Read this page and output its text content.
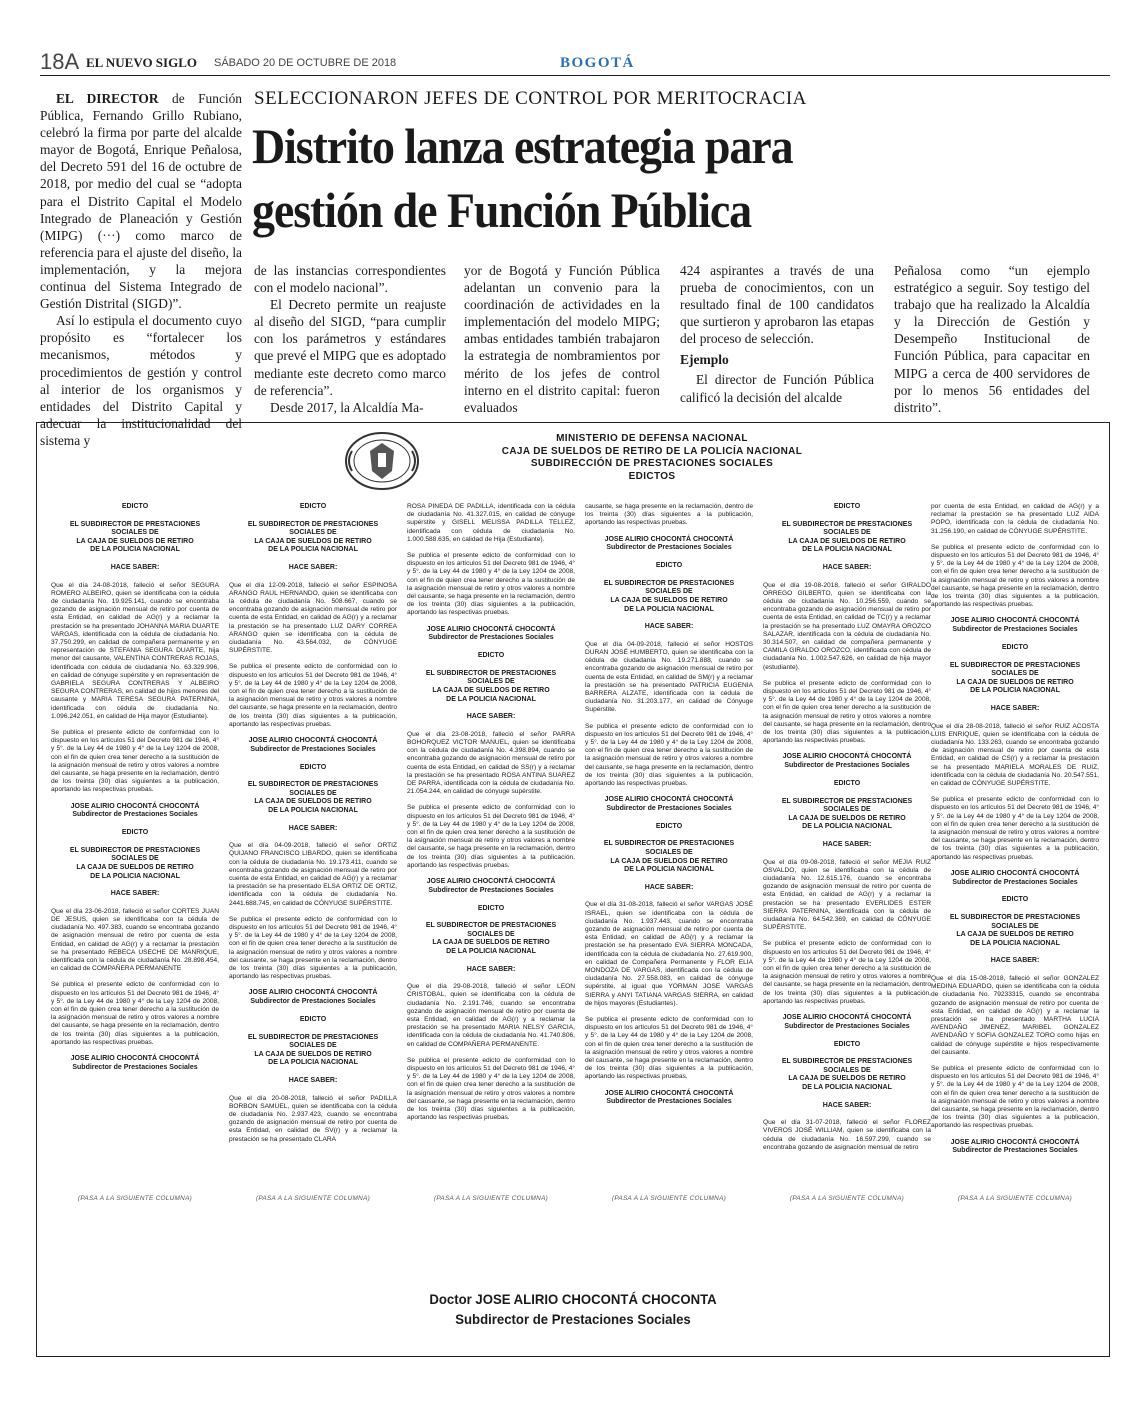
18A EL NUEVO SIGLO SÁBADO 20 DE OCTUBRE DE 2018	BOGOTÁ
SELECCIONARON JEFES DE CONTROL POR MERITOCRACIA
Distrito lanza estrategia para
gestión de Función Pública

EL DIRECTOR de Función Pública, Fernando Grillo Rubiano, celebró la firma por parte del alcalde mayor de Bogotá, Enrique Peñalosa, del Decreto 591 del 16 de octubre de 2018, por medio del cual se “adopta para el Distrito Capital el Modelo Integrado de Planeación y Gestión (MIPG) (···) como marco de referencia para el ajuste del diseño, la implementación, y la mejora continua del Sistema Integrado de Gestión Distrital (SIGD)”.

Así lo estipula el documento cuyo propósito es “fortalecer los mecanismos, métodos y procedimientos de gestión y control al interior de los organismos y entidades del Distrito Capital y adecuar la institucionalidad del sistema y

de las instancias correspondientes con el modelo nacional”.

El Decreto permite un reajuste al diseño del SIGD, “para cumplir con los parámetros y estándares que prevé el MIPG que es adoptado mediante este decreto como marco de referencia”.

Desde 2017, la Alcaldía Ma-

yor de Bogotá y Función Pública adelantan un convenio para la coordinación de actividades en la implementación del modelo MIPG; ambas entidades también trabajaron la estrategia de nombramientos por mérito de los jefes de control interno en el distrito capital: fueron evaluados

424 aspirantes a través de una prueba de conocimientos, con un resultado final de 100 candidatos que surtieron y aprobaron las etapas del proceso de selección.

Ejemplo

El director de Función Pública calificó la decisión del alcalde

Peñalosa como “un ejemplo estratégico a seguir. Soy testigo del trabajo que ha realizado la Alcaldía y la Dirección de Gestión y Desempeño Institucional de Función Pública, para capacitar en MIPG a cerca de 400 servidores de por lo menos 56 entidades del distrito”.

MINISTERIO DE DEFENSA NACIONAL
CAJA DE SUELDOS DE RETIRO DE LA POLICÍA NACIONAL
SUBDIRECCIÓN DE PRESTACIONES SOCIALES
EDICTOS
EDICTO
EL SUBDIRECTOR DE PRESTACIONES
SOCIALES DE
LA CAJA DE SUELDOS DE RETIRO
DE LA POLICIA NACIONAL
HACE SABER:

Que el día 24-08-2018, falleció el señor SEGURA ROMERO ALBEIRO, quien se identificaba con la cédula de ciudadanía No. 19.925.141, cuando se encontraba gozando de asignación mensual de retiro por cuenta de esta Entidad, en calidad de AG(r) y a reclamar la prestación se ha presentado JOHANNA MARIA DUARTE VARGAS, identificada con la cédula de ciudadanía No. 37.750.299, en calidad de compañera permanente y en representación de STEFANIA SEGURA DUARTE, hija menor del causante, VALENTINA CONTRERAS ROJAS, identificada con cédula de ciudadanía No. 63.329.996, en calidad de cónyuge supérstite y en representación de GABRIELA SEGURA CONTRERAS Y ALBEIRO SEGURA CONTRERAS, en calidad de hijos menores del causante y MARIA TERESA SEGURA PATERNINA, identificada con cédula de ciudadanía No. 1.096.242.051, en calidad de Hija mayor (Estudiante).

Se publica el presente edicto de conformidad con lo dispuesto en los artículos 51 del Decreto 981 de 1946, 4° y 5°. de la Ley 44 de 1980 y 4° de la Ley 1204 de 2008, con el fin de quien crea tener derecho a la sustitución de la asignación mensual de retiro y otros valores a nombre del causante, se haga presente en la reclamación, dentro de los treinta (30) días siguientes a la publicación, aportando las respectivas pruebas.

JOSE ALIRIO CHOCONTÁ CHOCONTÁ
Subdirector de Prestaciones Sociales
EDICTO
EL SUBDIRECTOR DE PRESTACIONES
SOCIALES DE
LA CAJA DE SUELDOS DE RETIRO
DE LA POLICIA NACIONAL
HACE SABER:

Que el día 23-06-2018, falleció el señor CORTES JUAN DE JESUS, quien se identificaba con la cédula de ciudadanía No. 497.383, cuando se encontraba gozando de asignación mensual de retiro por cuenta de esta Entidad, en calidad de AG(r) y a reclamar la prestación se ha presentado REBECA USECHE DE MANRIQUE, identificada con la cédula de ciudadanía No. 28.898.454, en calidad de COMPAÑERA PERMANENTE

Se publica el presente edicto de conformidad con lo dispuesto en los artículos 51 del Decreto 981 de 1946, 4° y 5°. de la Ley 44 de 1980 y 4° de la Ley 1204 de 2008, con el fin de quien crea tener derecho a la sustitución de la asignación mensual de retiro y otros valores a nombre del causante, se haga presente en la reclamación, dentro de los treinta (30) días siguientes a la publicación, aportando las respectivas pruebas.

JOSE ALIRIO CHOCONTÁ CHOCONTÁ
Subdirector de Prestaciones Sociales
EDICTO
EL SUBDIRECTOR DE PRESTACIONES
SOCIALES DE
LA CAJA DE SUELDOS DE RETIRO
DE LA POLICIA NACIONAL
HACE SABER:

Que el día 12-09-2018, falleció el señor ESPINOSA ARANGO RAUL HERNANDO, quien se identificaba con la cédula de ciudadanía No. 508.667, cuando se encontraba gozando de asignación mensual de retiro por cuenta de esta Entidad, en calidad de AG(r) y a reclamar la prestación se ha presentado LUZ DARY CORREA ARANGO quien se identificaba con la cédula de ciudadanía No. 43.564.032, de CÓNYUGE SUPÉRSTITE.

Se publica el presente edicto de conformidad con lo dispuesto en los artículos 51 del Decreto 981 de 1946, 4° y 5°. de la Ley 44 de 1980 y 4° de la Ley 1204 de 2008, con el fin de quien crea tener derecho a la sustitución de la asignación mensual de retiro y otros valores a nombre del causante, se haga presente en la reclamación, dentro de los treinta (30) días siguientes a la publicación, aportando las respectivas pruebas.

JOSE ALIRIO CHOCONTÁ CHOCONTÁ
Subdirector de Prestaciones Sociales
EDICTO
EL SUBDIRECTOR DE PRESTACIONES
SOCIALES DE
LA CAJA DE SUELDOS DE RETIRO
DE LA POLICIA NACIONAL
HACE SABER:

Que el día 04-09-2018, falleció el señor ORTIZ QUIJANO FRANCISCO LIBARDO, quien se identificaba con la cédula de ciudadanía No. 19.173.411, cuando se encontraba gozando de asignación mensual de retiro por cuenta de esta Entidad, en calidad de AG(r) y a reclamar la prestación se ha presentado ELSA ORTIZ DE ORTIZ, identificada con la cédula de ciudadanía No. 2441.688.745, en calidad de CÓNYUGE SUPÉRSTITE.

Se publica el presente edicto de conformidad con lo dispuesto en los artículos 51 del Decreto 981 de 1946, 4° y 5°. de la Ley 44 de 1980 y 4° de la Ley 1204 de 2008, con el fin de quien crea tener derecho a la sustitución de la asignación mensual de retiro y otros valores a nombre del causante, se haga presente en la reclamación, dentro de los treinta (30) días siguientes a la publicación, aportando las respectivas pruebas.

JOSE ALIRIO CHOCONTÁ CHOCONTÁ
Subdirector de Prestaciones Sociales
EDICTO
EL SUBDIRECTOR DE PRESTACIONES
SOCIALES DE
LA CAJA DE SUELDOS DE RETIRO
DE LA POLICIA NACIONAL
HACE SABER:

Que el día 20-08-2018, falleció el señor PADILLA BORBON SAMUEL, quien se identificaba con la cédula de ciudadanía No. 2.937.423, cuando se encontraba gozando de asignación mensual de retiro por cuenta de esta Entidad, en calidad de SV(r) y a reclamar la prestación se ha presentado CLARA

ROSA PINEDA DE PADILLA, identificada con la cédula de ciudadanía No. 41.327.015, en calidad de cónyuge supérstite y GISELL MELISSA PADILLA TELLEZ, identificada con cédula de ciudadanía No. 1.000.588.635, en calidad de Hija (Estudiante).

Se publica el presente edicto de conformidad con lo dispuesto en los artículos 51 del Decreto 981 de 1946, 4° y 5°. de la Ley 44 de 1980 y 4° de la Ley 1204 de 2008, con el fin de quien crea tener derecho a la sustitución de la asignación mensual de retiro y otros valores a nombre del causante, se haga presente en la reclamación, dentro de los treinta (30) días siguientes a la publicación, aportando las respectivas pruebas.

JOSE ALIRIO CHOCONTÁ CHOCONTÁ
Subdirector de Prestaciones Sociales
EDICTO
EL SUBDIRECTOR DE PRESTACIONES
SOCIALES DE
LA CAJA DE SUELDOS DE RETIRO
DE LA POLICIA NACIONAL
HACE SABER:

Que el día 23-08-2018, falleció el señor PARRA BOHORQUEZ VICTOR MANUEL, quien se identificaba con la cédula de ciudadanía No. 4.398.894, cuando se encontraba gozando de asignación mensual de retiro por cuenta de esta Entidad, en calidad de SS(r) y a reclamar la prestación se ha presentado ROSA ANTINA SUAREZ DE PARRA, identificada con la cédula de ciudadanía No. 21.054.244, en calidad de cónyuge supérstite.

Se publica el presente edicto de conformidad con lo dispuesto en los artículos 51 del Decreto 981 de 1946, 4° y 5°. de la Ley 44 de 1980 y 4° de la Ley 1204 de 2008, con el fin de quien crea tener derecho a la sustitución de la asignación mensual de retiro y otros valores a nombre del causante, se haga presente en la reclamación, dentro de los treinta (30) días siguientes a la publicación, aportando las respectivas pruebas.

JOSE ALIRIO CHOCONTÁ CHOCONTÁ
Subdirector de Prestaciones Sociales
EDICTO
EL SUBDIRECTOR DE PRESTACIONES
SOCIALES DE
LA CAJA DE SUELDOS DE RETIRO
DE LA POLICIA NACIONAL
HACE SABER:

Que el día 29-08-2018, falleció el señor LEON CRISTOBAL, quien se identificaba con la cédula de ciudadanía No. 2.191.746, cuando se encontraba gozando de asignación mensual de retiro por cuenta de esta Entidad, en calidad de AG(r) y a reclamar la prestación se ha presentado MARIA NELSY GARCIA, identificada con la cédula de ciudadanía No. 41.740.806, en calidad de COMPAÑERA PERMANENTE.

Se publica el presente edicto de conformidad con lo dispuesto en los artículos 51 del Decreto 981 de 1946, 4° y 5°. de la Ley 44 de 1980 y 4° de la Ley 1204 de 2008, con el fin de quien crea tener derecho a la sustitución de la asignación mensual de retiro y otros valores a nombre del causante, se haga presente en la reclamación, dentro de los treinta (30) días siguientes a la publicación, aportando las respectivas pruebas.

causante, se haga presente en la reclamación, dentro de los treinta (30) días siguientes a la publicación, aportando las respectivas pruebas.

JOSE ALIRIO CHOCONTÁ CHOCONTÁ
Subdirector de Prestaciones Sociales
EDICTO
EL SUBDIRECTOR DE PRESTACIONES
SOCIALES DE
LA CAJA DE SUELDOS DE RETIRO
DE LA POLICIA NACIONAL
HACE SABER:

Que el día 04-09-2018, falleció el señor HOSTOS DURAN JOSÉ HUMBERTO, quien se identificaba con la cédula de ciudadanía No. 19.271.888, cuando se encontraba gozando de asignación mensual de retiro por cuenta de esta Entidad, en calidad de SM(r) y a reclamar la prestación se ha presentado PATRICIA EUGENIA BARRERA ALZATE, identificada con la cédula de ciudadanía No. 31.203.177, en calidad de Cónyuge Supérstite.

Se publica el presente edicto de conformidad con lo dispuesto en los artículos 51 del Decreto 981 de 1946, 4° y 5°. de la Ley 44 de 1980 y 4° de la Ley 1204 de 2008, con el fin de quien crea tener derecho a la sustitución de la asignación mensual de retiro y otros valores a nombre del causante, se haga presente en la reclamación, dentro de los treinta (30) días siguientes a la publicación, aportando las respectivas pruebas.

JOSE ALIRIO CHOCONTÁ CHOCONTÁ
Subdirector de Prestaciones Sociales
EDICTO
EL SUBDIRECTOR DE PRESTACIONES
SOCIALES DE
LA CAJA DE SUELDOS DE RETIRO
DE LA POLICIA NACIONAL
HACE SABER:

Que el día 31-08-2018, falleció el señor VARGAS JOSÉ ISRAEL, quien se identificaba con la cédula de ciudadanía No. 1.937.443, cuando se encontraba gozando de asignación mensual de retiro por cuenta de esta Entidad, en calidad de AG(r) y a reclamar la prestación se ha presentado EVA SIERRA MONCADA, identificada con la cédula de ciudadanía No. 27.619.900, en calidad de Compañera Permanente y FLOR ELIA MONDOZA DE VARGAS, identificada con la cédula de ciudadanía No. 27.558.083, en calidad de cónyuge supérstite, al igual que YORMAN JOSE VARGAS SIERRA y ANYI TATIANA VARGAS SIERRA, en calidad de hijos mayores (Estudiantes).

Se publica el presente edicto de conformidad con lo dispuesto en los artículos 51 del Decreto 981 de 1946, 4° y 5°. de la Ley 44 de 1980 y 4° de la Ley 1204 de 2008, con el fin de quien crea tener derecho a la sustitución de la asignación mensual de retiro y otros valores a nombre del causante, se haga presente en la reclamación, dentro de los treinta (30) días siguientes a la publicación, aportando las respectivas pruebas.

JOSE ALIRIO CHOCONTÁ CHOCONTÁ
Subdirector de Prestaciones Sociales
EDICTO
EL SUBDIRECTOR DE PRESTACIONES
SOCIALES DE
LA CAJA DE SUELDOS DE RETIRO
DE LA POLICIA NACIONAL
HACE SABER:

Que el día 19-08-2018, falleció el señor GIRALDO ORREGO GILBERTO, quien se identificaba con la cédula de ciudadanía No. 10.256.559, cuando se encontraba gozando de asignación mensual de retiro por cuenta de esta Entidad, en calidad de TC(r) y a reclamar la prestación se ha presentado LUZ OMAYRA OROZCO SALAZAR, identificada con la cédula de ciudadanía No. 30.314.507, en calidad de compañera permanente y CAMILA GIRALDO OROZCO, identificada con cédula de ciudadanía No. 1.002.547.626, en calidad de hija mayor (estudiante).

Se publica el presente edicto de conformidad con lo dispuesto en los artículos 51 del Decreto 981 de 1946, 4° y 5°. de la Ley 44 de 1980 y 4° de la Ley 1204 de 2008, con el fin de quien crea tener derecho a la sustitución de la asignación mensual de retiro y otros valores a nombre del causante, se haga presente en la reclamación, dentro de los treinta (30) días siguientes a la publicación, aportando las respectivas pruebas.

JOSE ALIRIO CHOCONTÁ CHOCONTÁ
Subdirector de Prestaciones Sociales
EDICTO
EL SUBDIRECTOR DE PRESTACIONES
SOCIALES DE
LA CAJA DE SUELDOS DE RETIRO
DE LA POLICIA NACIONAL
HACE SABER:

Que el día 09-08-2018, falleció el señor MEJIA RUIZ OSVALDO, quien se identificaba con la cédula de ciudadanía No. 12.615.176, cuando se encontraba gozando de asignación mensual de retiro por cuenta de esta Entidad, en calidad de AG(r) y a reclamar la prestación se ha presentado EVERLIDES ESTER SIERRA PATERNINA, identificada con la cédula de ciudadanía No. 64.542.369, en calidad de CÓNYUGE SUPÉRSTITE.

Se publica el presente edicto de conformidad con lo dispuesto en los artículos 51 del Decreto 981 de 1946, 4° y 5°. de la Ley 44 de 1980 y 4° de la Ley 1204 de 2008, con el fin de quien crea tener derecho a la sustitución de la asignación mensual de retiro y otros valores a nombre del causante, se haga presente en la reclamación, dentro de los treinta (30) días siguientes a la publicación, aportando las respectivas pruebas.

JOSE ALIRIO CHOCONTÁ CHOCONTÁ
Subdirector de Prestaciones Sociales
EDICTO
EL SUBDIRECTOR DE PRESTACIONES
SOCIALES DE
LA CAJA DE SUELDOS DE RETIRO
DE LA POLICIA NACIONAL
HACE SABER:

Que el día 31-07-2018, falleció el señor FLOREZ VIVEROS JOSÉ WILLIAM, quien se identificaba con la cédula de ciudadanía No. 16.597.299, cuando se encontraba gozando de asignación mensual de retiro

por cuenta de esta Entidad, en calidad de AG(r) y a reclamar la prestación se ha presentado LUZ AIDA POPO, identificada con la cédula de ciudadanía No. 31.256.190, en calidad de CÓNYUGE SUPÉRSTITE.

Se publica el presente edicto de conformidad con lo dispuesto en los artículos 51 del Decreto 981 de 1946, 4° y 5°. de la Ley 44 de 1980 y 4° de la Ley 1204 de 2008, con el fin de quien crea tener derecho a la sustitución de la asignación mensual de retiro y otros valores a nombre del causante, se haga presente en la reclamación, dentro de los treinta (30) días siguientes a la publicación, aportando las respectivas pruebas.

JOSE ALIRIO CHOCONTÁ CHOCONTÁ
Subdirector de Prestaciones Sociales
EDICTO
EL SUBDIRECTOR DE PRESTACIONES
SOCIALES DE
LA CAJA DE SUELDOS DE RETIRO
DE LA POLICIA NACIONAL
HACE SABER:

Que el día 28-08-2018, falleció el señor RUIZ ACOSTA LUIS ENRIQUE, quien se identificaba con la cédula de ciudadanía No. 133.263, cuando se encontraba gozando de asignación mensual de retiro por cuenta de esta Entidad, en calidad de CS(r) y a reclamar la prestación se ha presentado MARIELA MORALES DE RUIZ, identificada con la cédula de ciudadanía No. 20.547.551, en calidad de CÓNYUGE SUPÉRSTITE.

Se publica el presente edicto de conformidad con lo dispuesto en los artículos 51 del Decreto 981 de 1946, 4° y 5°. de la Ley 44 de 1980 y 4° de la Ley 1204 de 2008, con el fin de quien crea tener derecho a la sustitución de la asignación mensual de retiro y otros valores a nombre del causante, se haga presente en la reclamación, dentro de los treinta (30) días siguientes a la publicación, aportando las respectivas pruebas.

JOSE ALIRIO CHOCONTÁ CHOCONTÁ
Subdirector de Prestaciones Sociales
EDICTO
EL SUBDIRECTOR DE PRESTACIONES
SOCIALES DE
LA CAJA DE SUELDOS DE RETIRO
DE LA POLICIA NACIONAL
HACE SABER:

Que el día 15-08-2018, falleció el señor GONZALEZ MEDINA EDUARDO, quien se identificaba con la cédula de ciudadanía No. 79233315, cuando se encontraba gozando de asignación mensual de retiro por cuenta de esta Entidad, en calidad de AG(r) y a reclamar la prestación se ha presentado MARTHA LUCIA AVENDAÑO JIMENEZ, MARIBEL GONZALEZ AVENDAÑO Y SOFIA GONZALEZ TORO como hijas en calidad de cónyuge supérstite e hijos respectivamente del causante.

Se publica el presente edicto de conformidad con lo dispuesto en los artículos 51 del Decreto 981 de 1946, 4° y 5°. de la Ley 44 de 1980 y 4° de la Ley 1204 de 2008, con el fin de quien crea tener derecho a la sustitución de la asignación mensual de retiro y otros valores a nombre del causante, se haga presente en la reclamación, dentro de los treinta (30) días siguientes a la publicación, aportando las respectivas pruebas.

JOSE ALIRIO CHOCONTÁ CHOCONTÁ
Subdirector de Prestaciones Sociales
(PASA A LA SIGUIENTE COLUMNA)	(PASA A LA SIGUIENTE COLUMNA)	(PASA A LA SIGUIENTE COLUMNA)	(PASA A LA SIGUIENTE COLUMNA)	(PASA A LA SIGUIENTE COLUMNA)	(PASA A LA SIGUIENTE COLUMNA)
Doctor JOSE ALIRIO CHOCONTÁ CHOCONTA
Subdirector de Prestaciones Sociales
